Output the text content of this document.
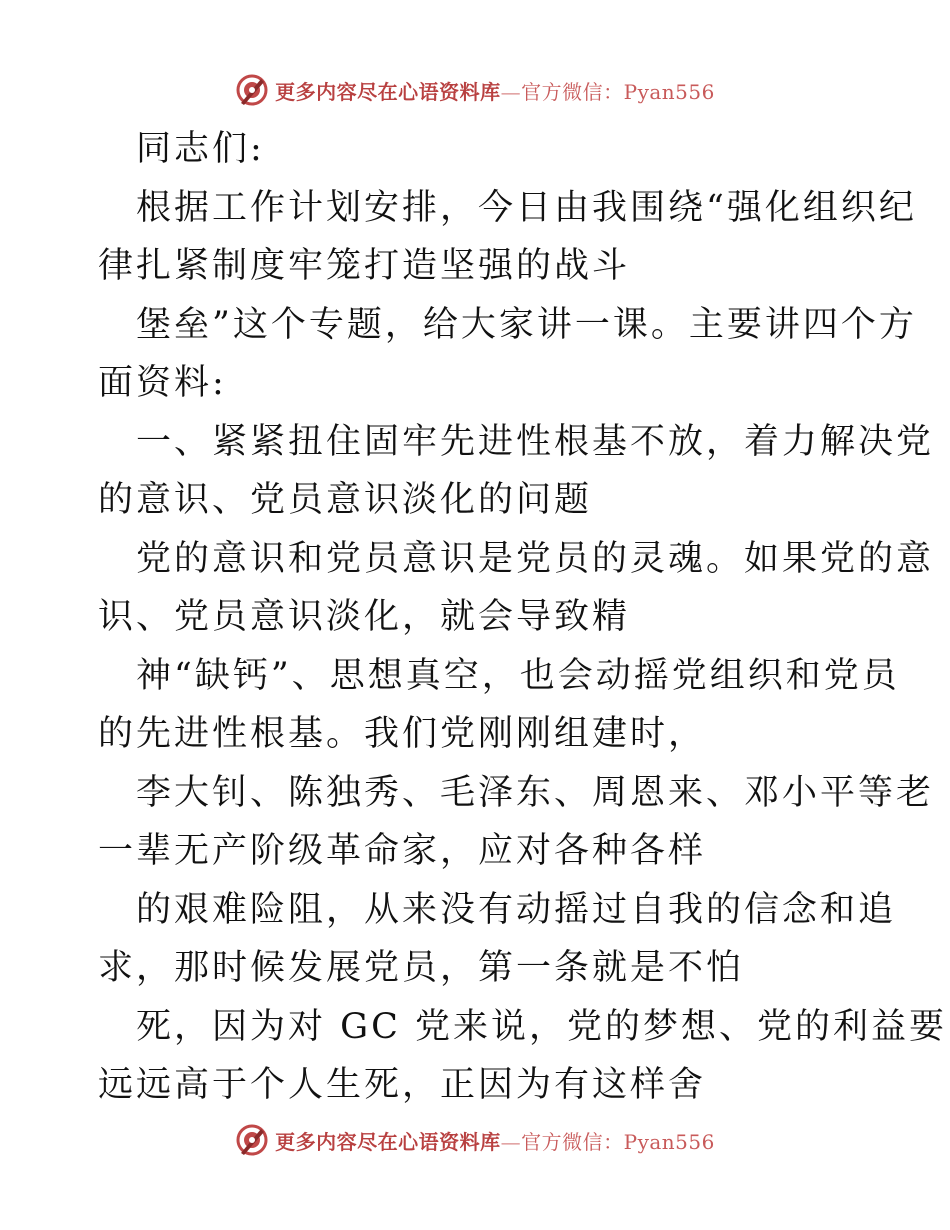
更多内容尽在心语资料库—官方微信：Pyan556
同志们:
根据工作计划安排，今日由我围绕“强化组织纪
律扎紧制度牢笼打造坚强的战斗
堡垒”这个专题，给大家讲一课。主要讲四个方
面资料:
一、紧紧扭住固牢先进性根基不放，着力解决党
的意识、党员意识淡化的问题
党的意识和党员意识是党员的灵魂。如果党的意
识、党员意识淡化，就会导致精
神“缺钙”、思想真空，也会动摇党组织和党员
的先进性根基。我们党刚刚组建时，
李大钊、陈独秀、毛泽东、周恩来、邓小平等老
一辈无产阶级革命家，应对各种各样
的艰难险阻，从来没有动摇过自我的信念和追
求，那时候发展党员，第一条就是不怕
死，因为对 GC 党来说，党的梦想、党的利益要
远远高于个人生死，正因为有这样舍
更多内容尽在心语资料库—官方微信：Pyan556
